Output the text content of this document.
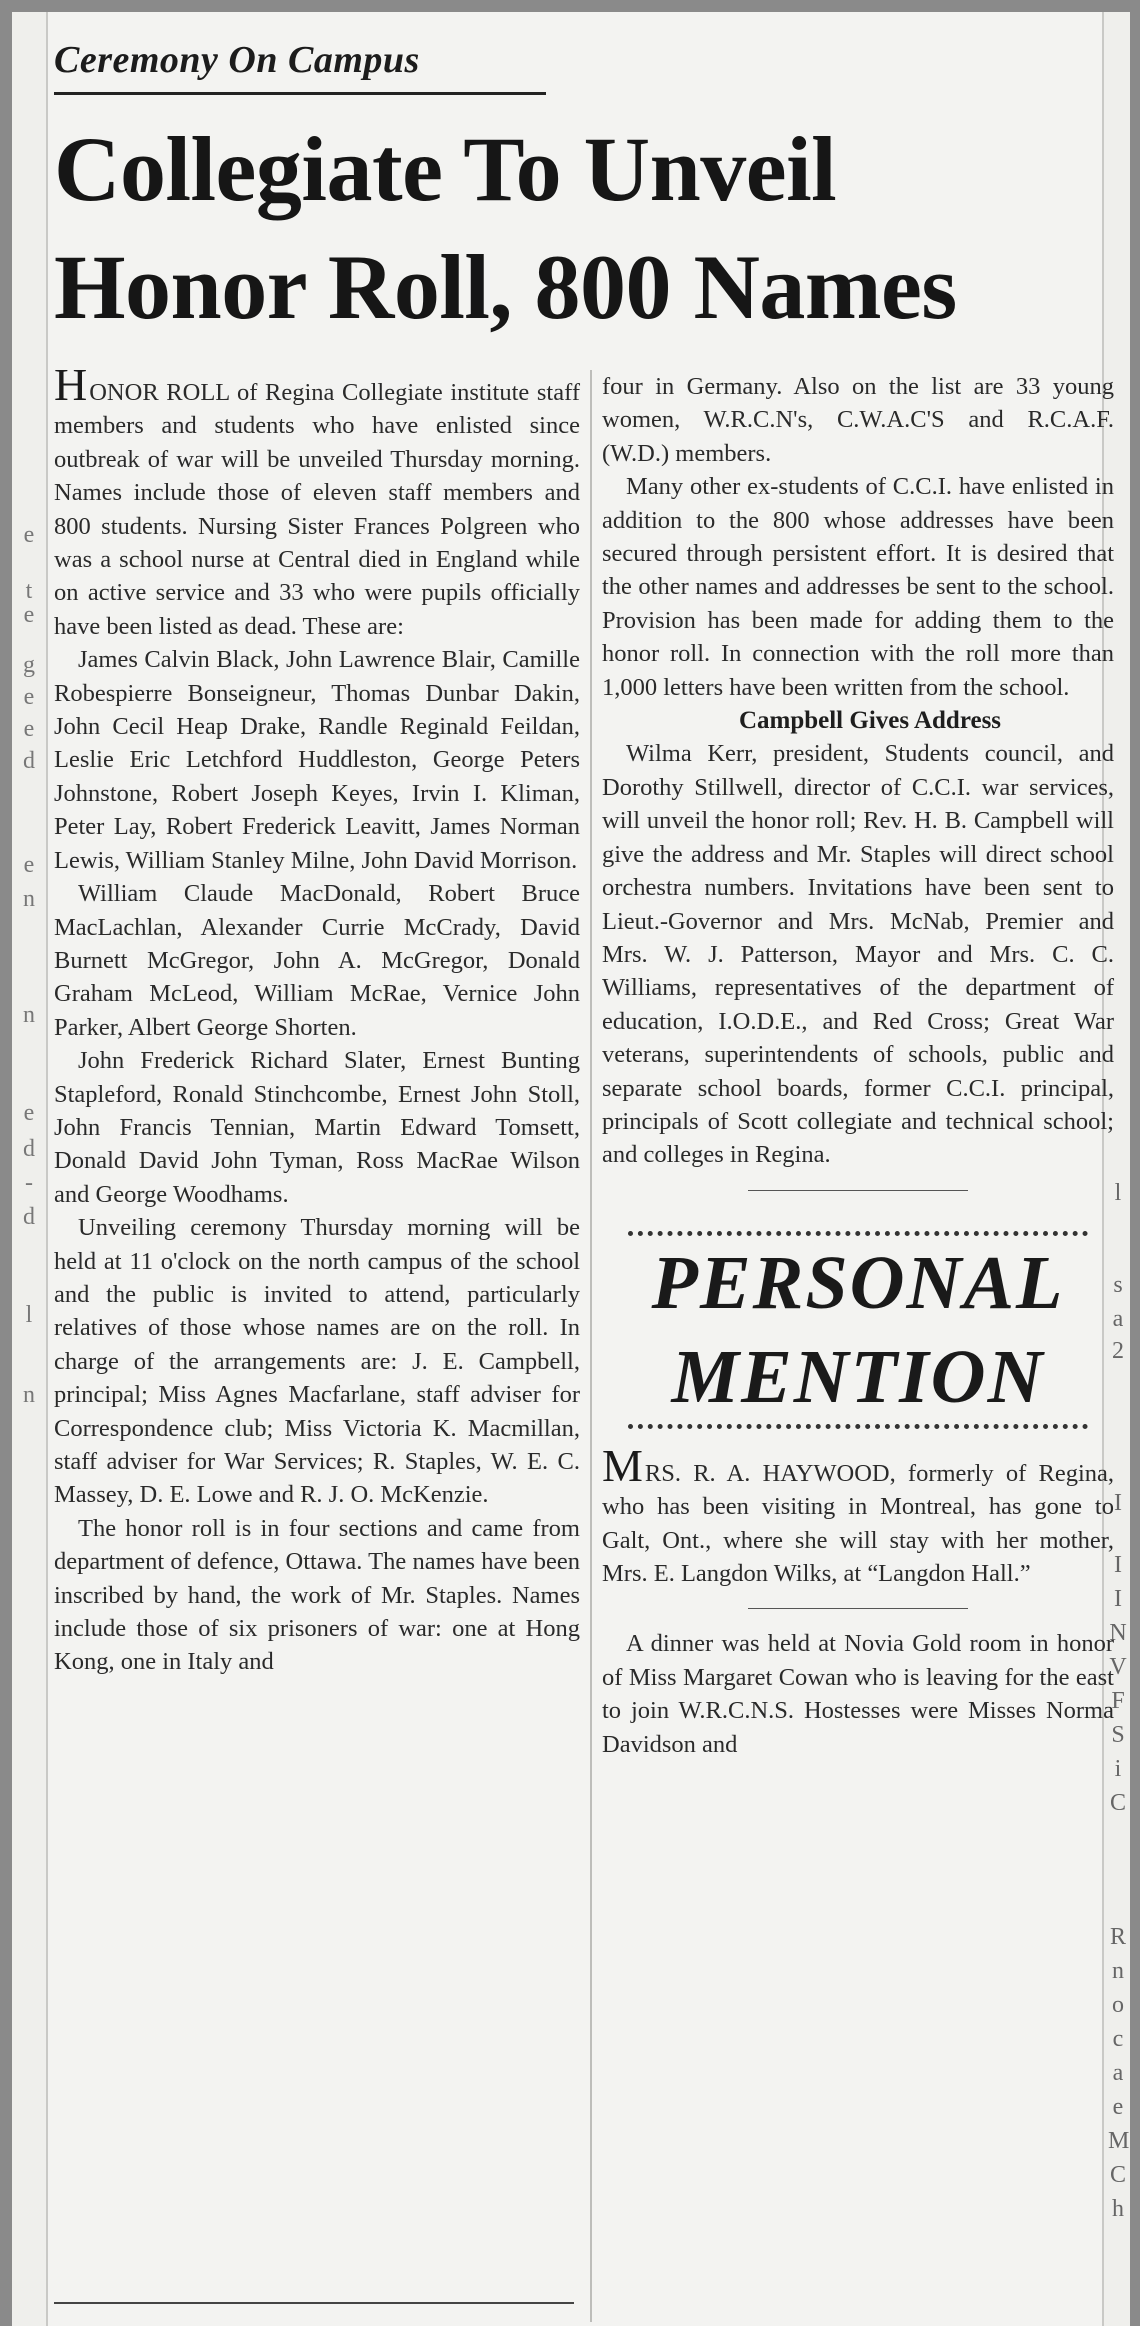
e
t
e
g
e
e
d
e
n
n
e
d
-
d
l
n
l
s
a
2
I
I
I
N
V
F
S
i
C
R
n
o
c
a
e
M
C
h
Ceremony On Campus
Collegiate To Unveil
Honor Roll, 800 Names

HONOR ROLL of Regina Collegiate institute staff members and students who have enlisted since outbreak of war will be unveiled Thursday morning. Names include those of eleven staff members and 800 students. Nursing Sister Frances Polgreen who was a school nurse at Central died in England while on active service and 33 who were pupils officially have been listed as dead. These are:

James Calvin Black, John Lawrence Blair, Camille Robespierre Bonseigneur, Thomas Dunbar Dakin, John Cecil Heap Drake, Randle Reginald Feildan, Leslie Eric Letchford Huddleston, George Peters Johnstone, Robert Joseph Keyes, Irvin I. Kliman, Peter Lay, Robert Frederick Leavitt, James Norman Lewis, William Stanley Milne, John David Morrison.

William Claude MacDonald, Robert Bruce MacLachlan, Alexander Currie McCrady, David Burnett McGregor, John A. McGregor, Donald Graham McLeod, William McRae, Vernice John Parker, Albert George Shorten.

John Frederick Richard Slater, Ernest Bunting Stapleford, Ronald Stinchcombe, Ernest John Stoll, John Francis Tennian, Martin Edward Tomsett, Donald David John Tyman, Ross MacRae Wilson and George Woodhams.

Unveiling ceremony Thursday morning will be held at 11 o'clock on the north campus of the school and the public is invited to attend, particularly relatives of those whose names are on the roll. In charge of the arrangements are: J. E. Campbell, principal; Miss Agnes Macfarlane, staff adviser for Correspondence club; Miss Victoria K. Macmillan, staff adviser for War Services; R. Staples, W. E. C. Massey, D. E. Lowe and R. J. O. McKenzie.

The honor roll is in four sections and came from department of defence, Ottawa. The names have been inscribed by hand, the work of Mr. Staples. Names include those of six prisoners of war: one at Hong Kong, one in Italy and

four in Germany. Also on the list are 33 young women, W.R.C.N's, C.W.A.C'S and R.C.A.F. (W.D.) members.

Many other ex-students of C.C.I. have enlisted in addition to the 800 whose addresses have been secured through persistent effort. It is desired that the other names and addresses be sent to the school. Provision has been made for adding them to the honor roll. In connection with the roll more than 1,000 letters have been written from the school.

Campbell Gives Address

Wilma Kerr, president, Students council, and Dorothy Stillwell, director of C.C.I. war services, will unveil the honor roll; Rev. H. B. Campbell will give the address and Mr. Staples will direct school orchestra numbers. Invitations have been sent to Lieut.-Governor and Mrs. McNab, Premier and Mrs. W. J. Patterson, Mayor and Mrs. C. C. Williams, representatives of the department of education, I.O.D.E., and Red Cross; Great War veterans, superintendents of schools, public and separate school boards, former C.C.I. principal, principals of Scott collegiate and technical school; and colleges in Regina.

PERSONAL
MENTION

MRS. R. A. HAYWOOD, formerly of Regina, who has been visiting in Montreal, has gone to Galt, Ont., where she will stay with her mother, Mrs. E. Langdon Wilks, at “Langdon Hall.”

A dinner was held at Novia Gold room in honor of Miss Margaret Cowan who is leaving for the east to join W.R.C.N.S. Hostesses were Misses Norma Davidson and
